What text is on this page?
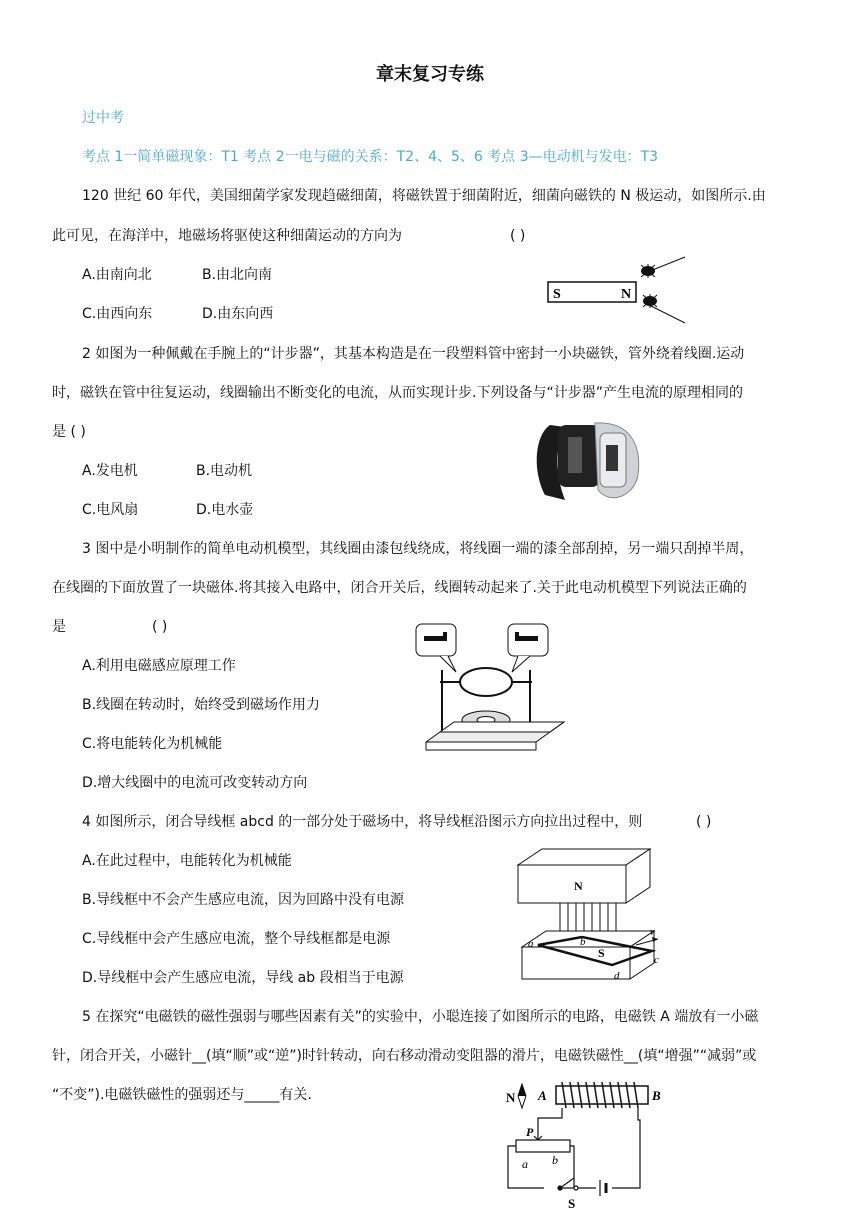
章末复习专练
过中考
考点 1一简单磁现象：T1 考点 2一电与磁的关系：T2、4、5、6 考点 3—电动机与发电：T3
120 世纪 60 年代，美国细菌学家发现趋磁细菌，将磁铁置于细菌附近，细菌向磁铁的 N 极运动，如图所示.由
此可见，在海洋中，地磁场将驱使这种细菌运动的方向为	( )
A.由南向北	B.由北向南
C.由西向东	D.由东向西
S	N
2 如图为一种佩戴在手腕上的“计步器”，其基本构造是在一段塑料管中密封一小块磁铁，管外绕着线圈.运动
时，磁铁在管中往复运动，线圈输出不断变化的电流，从而实现计步.下列设备与“计步器”产生电流的原理相同的
是 ( )
A.发电机	B.电动机
C.电风扇	D.电水壶
3 图中是小明制作的简单电动机模型，其线圈由漆包线绕成，将线圈一端的漆全部刮掉，另一端只刮掉半周，
在线圈的下面放置了一块磁体.将其接入电路中，闭合开关后，线圈转动起来了.关于此电动机模型下列说法正确的
是	( )
A.利用电磁感应原理工作
B.线圈在转动时，始终受到磁场作用力
C.将电能转化为机械能
D.增大线圈中的电流可改变转动方向
4 如图所示，闭合导线框 abcd 的一部分处于磁场中，将导线框沿图示方向拉出过程中，则	( )
A.在此过程中，电能转化为机械能
B.导线框中不会产生感应电流，因为回路中没有电源
C.导线框中会产生感应电流，整个导线框都是电源
D.导线框中会产生感应电流，导线 ab 段相当于电源
N
S
a	b
c
d
v
5 在探究“电磁铁的磁性强弱与哪些因素有关”的实验中，小聪连接了如图所示的电路，电磁铁 A 端放有一小磁
针，闭合开关，小磁针__(填“顺”或“逆”)时针转动，向右移动滑动变阻器的滑片，电磁铁磁性__(填“增强”“减弱”或
“不变”).电磁铁磁性的强弱还与_____有关.	N A	B
P
a b
S
